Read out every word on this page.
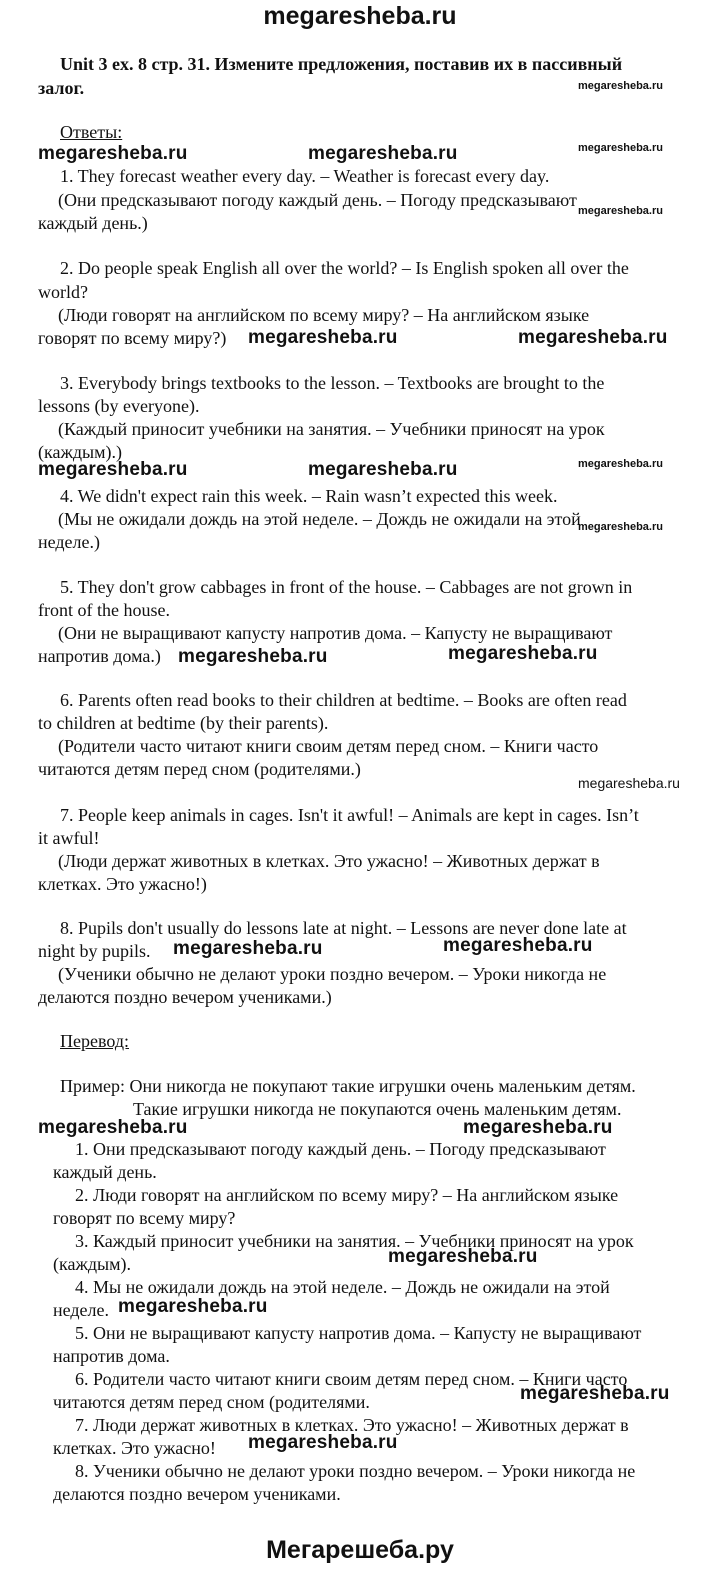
megaresheba.ru
Unit 3 ex. 8 стр. 31. Измените предложения, поставив их в пассивный
залог.
Ответы:
1. They forecast weather every day. – Weather is forecast every day.
(Они предсказывают погоду каждый день. – Погоду предсказывают
каждый день.)
2. Do people speak English all over the world? – Is English spoken all over the
world?
(Люди говорят на английском по всему миру? – На английском языке
говорят по всему миру?)
3. Everybody brings textbooks to the lesson. – Textbooks are brought to the
lessons (by everyone).
(Каждый приносит учебники на занятия. – Учебники приносят на урок
(каждым).)
4. We didn't expect rain this week. – Rain wasn’t expected this week.
(Мы не ожидали дождь на этой неделе. – Дождь не ожидали на этой
неделе.)
5. They don't grow cabbages in front of the house. – Cabbages are not grown in
front of the house.
(Они не выращивают капусту напротив дома. – Капусту не выращивают
напротив дома.)
6. Parents often read books to their children at bedtime. – Books are often read
to children at bedtime (by their parents).
(Родители часто читают книги своим детям перед сном. – Книги часто
читаются детям перед сном (родителями.)
7. People keep animals in cages. Isn't it awful! – Animals are kept in cages. Isn’t
it awful!
(Люди держат животных в клетках. Это ужасно! – Животных держат в
клетках. Это ужасно!)
8. Pupils don't usually do lessons late at night. – Lessons are never done late at
night by pupils.
(Ученики обычно не делают уроки поздно вечером. – Уроки никогда не
делаются поздно вечером учениками.)
Перевод:
Пример: Они никогда не покупают такие игрушки очень маленьким детям.
Такие игрушки никогда не покупаются очень маленьким детям.
1. Они предсказывают погоду каждый день. – Погоду предсказывают
каждый день.
2. Люди говорят на английском по всему миру? – На английском языке
говорят по всему миру?
3. Каждый приносит учебники на занятия. – Учебники приносят на урок
(каждым).
4. Мы не ожидали дождь на этой неделе. – Дождь не ожидали на этой
неделе.
5. Они не выращивают капусту напротив дома. – Капусту не выращивают
напротив дома.
6. Родители часто читают книги своим детям перед сном. – Книги часто
читаются детям перед сном (родителями.
7. Люди держат животных в клетках. Это ужасно! – Животных держат в
клетках. Это ужасно!
8. Ученики обычно не делают уроки поздно вечером. – Уроки никогда не
делаются поздно вечером учениками.
megaresheba.ru
megaresheba.ru	megaresheba.ru	megaresheba.ru
megaresheba.ru
megaresheba.ru	megaresheba.ru
megaresheba.ru	megaresheba.ru	megaresheba.ru
megaresheba.ru
megaresheba.ru	megaresheba.ru
megaresheba.ru
megaresheba.ru	megaresheba.ru
megaresheba.ru	megaresheba.ru
megaresheba.ru
megaresheba.ru
megaresheba.ru
megaresheba.ru
Мегарешеба.ру
